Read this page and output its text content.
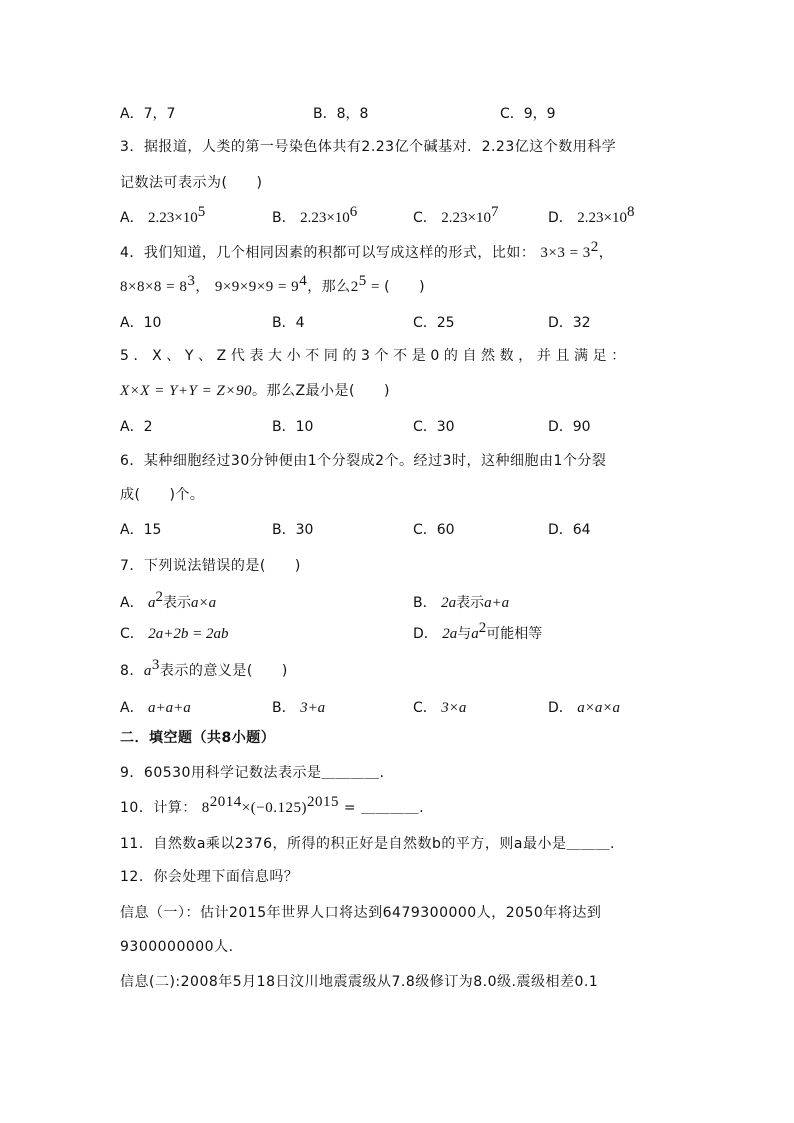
A．7，7	B．8，8	C．9，9
3．据报道，人类的第一号染色体共有2.23亿个碱基对．2.23亿这个数用科学
记数法可表示为(　　)
A． $2.23\times 10^5$	B． $2.23\times 10^6$	C． $2.23\times 10^7$	D． $2.23\times 10^8$
4．我们知道，几个相同因素的积都可以写成这样的形式，比如： $3\times 3 = 3^2$，
$8\times 8\times 8 = 8^3$， $9\times 9\times 9\times 9 = 9^4$，那么$2^5$ = (　　)
A．10	B．4	C．25	D．32
5．X、Y、Z代表大小不同的3个不是0的自然数，并且满足：
X×X = Y+Y = Z×90。那么Z最小是(　　)
A．2	B．10	C．30	D．90
6．某种细胞经过30分钟便由1个分裂成2个。经过3时，这种细胞由1个分裂
成(　　)个。
A．15	B．30	C．60	D．64
7．下列说法错误的是(　　)
A． $a^2$表示a×a	B． 2a表示a+a
C． 2a+2b = 2ab	D． 2a与$a^2$可能相等
8．$a^3$表示的意义是(　　)
A． a+a+a	B． 3+a	C． 3×a	D． a×a×a
二．填空题（共8小题）
9．60530用科学记数法表示是＿＿＿＿.
10．计算： $8^{2014}\times(-0.125)^{2015}$ = ＿＿＿＿.
11．自然数a乘以2376，所得的积正好是自然数b的平方，则a最小是＿＿＿.
12．你会处理下面信息吗？
信息（一）：估计2015年世界人口将达到6479300000人，2050年将达到
9300000000人.
信息(二):2008年5月18日汶川地震震级从7.8级修订为8.0级.震级相差0.1
